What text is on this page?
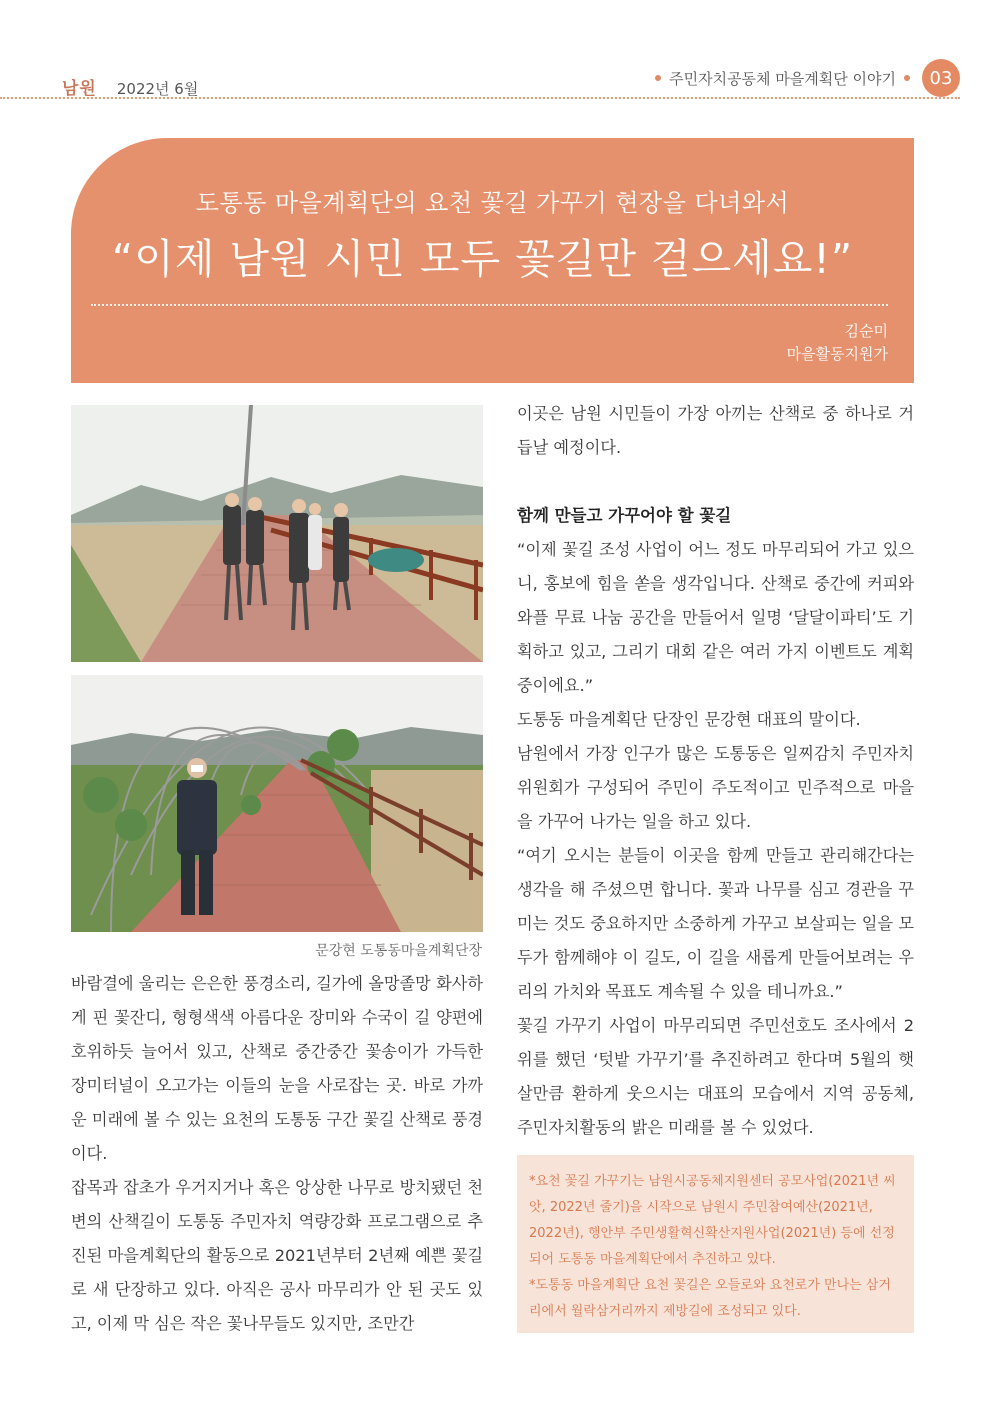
남원 2022년 6월
주민자치공동체 마을계획단 이야기	03
도통동 마을계획단의 요천 꽃길 가꾸기 현장을 다녀와서
“이제 남원 시민 모두 꽃길만 걸으세요!”
김순미
마을활동지원가
문강현 도통동마을계획단장

바람결에 울리는 은은한 풍경소리, 길가에 올망졸망 화사하게 핀 꽃잔디, 형형색색 아름다운 장미와 수국이 길 양편에 호위하듯 늘어서 있고, 산책로 중간중간 꽃송이가 가득한 장미터널이 오고가는 이들의 눈을 사로잡는 곳. 바로 가까운 미래에 볼 수 있는 요천의 도통동 구간 꽃길 산책로 풍경이다.

잡목과 잡초가 우거지거나 혹은 앙상한 나무로 방치됐던 천변의 산책길이 도통동 주민자치 역량강화 프로그램으로 추진된 마을계획단의 활동으로 2021년부터 2년째 예쁜 꽃길로 새 단장하고 있다. 아직은 공사 마무리가 안 된 곳도 있고, 이제 막 심은 작은 꽃나무들도 있지만, 조만간

이곳은 남원 시민들이 가장 아끼는 산책로 중 하나로 거듭날 예정이다.

함께 만들고 가꾸어야 할 꽃길

“이제 꽃길 조성 사업이 어느 정도 마무리되어 가고 있으니, 홍보에 힘을 쏟을 생각입니다. 산책로 중간에 커피와 와플 무료 나눔 공간을 만들어서 일명 ‘달달이파티’도 기획하고 있고, 그리기 대회 같은 여러 가지 이벤트도 계획 중이에요.”

도통동 마을계획단 단장인 문강현 대표의 말이다.

남원에서 가장 인구가 많은 도통동은 일찌감치 주민자치위원회가 구성되어 주민이 주도적이고 민주적으로 마을을 가꾸어 나가는 일을 하고 있다.

“여기 오시는 분들이 이곳을 함께 만들고 관리해간다는 생각을 해 주셨으면 합니다. 꽃과 나무를 심고 경관을 꾸미는 것도 중요하지만 소중하게 가꾸고 보살피는 일을 모두가 함께해야 이 길도, 이 길을 새롭게 만들어보려는 우리의 가치와 목표도 계속될 수 있을 테니까요.”

꽃길 가꾸기 사업이 마무리되면 주민선호도 조사에서 2위를 했던 ‘텃밭 가꾸기’를 추진하려고 한다며 5월의 햇살만큼 환하게 웃으시는 대표의 모습에서 지역 공동체, 주민자치활동의 밝은 미래를 볼 수 있었다.

*요천 꽃길 가꾸기는 남원시공동체지원센터 공모사업(2021년 씨앗, 2022년 줄기)을 시작으로 남원시 주민참여예산(2021년, 2022년), 행안부 주민생활혁신확산지원사업(2021년) 등에 선정되어 도통동 마을계획단에서 추진하고 있다.

*도통동 마을계획단 요천 꽃길은 오들로와 요천로가 만나는 삼거리에서 월락삼거리까지 제방길에 조성되고 있다.
